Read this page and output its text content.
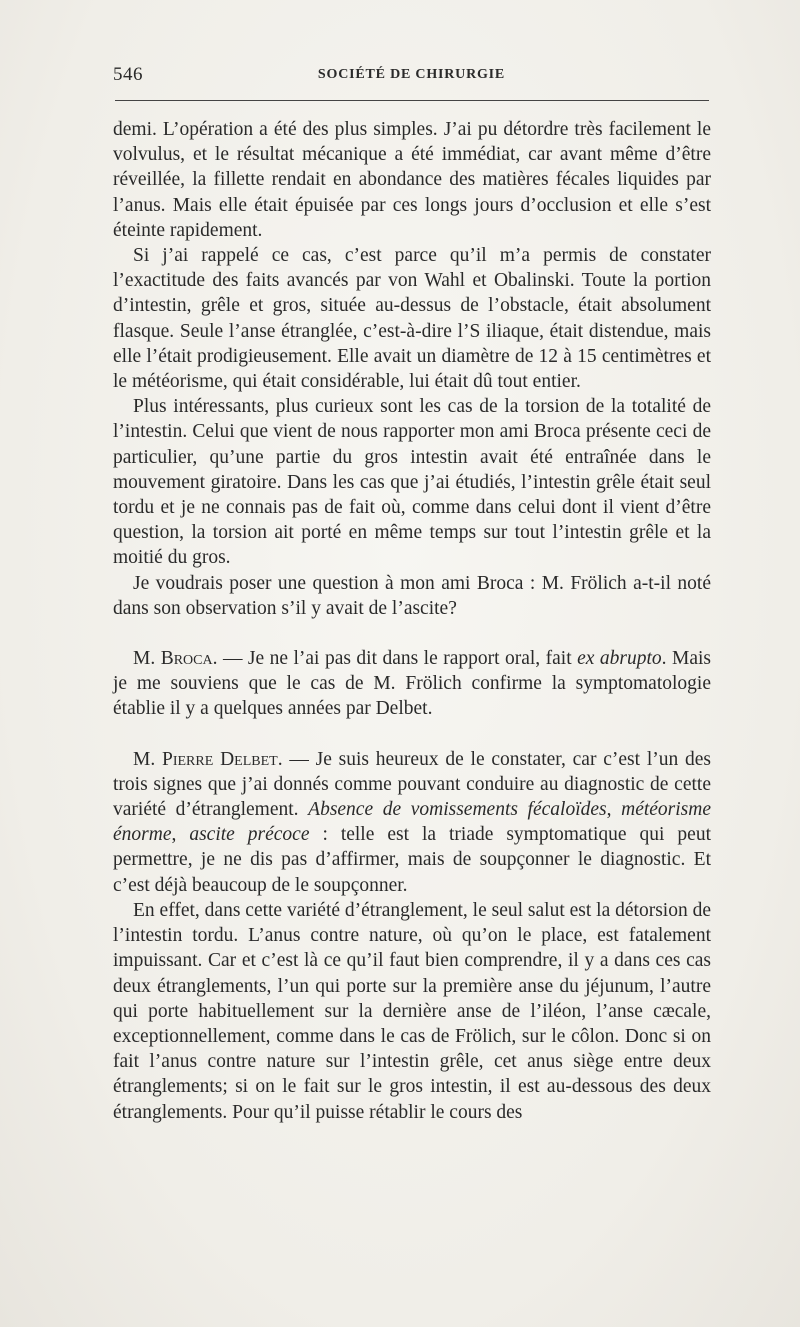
546	SOCIÉTÉ DE CHIRURGIE

demi. L’opération a été des plus simples. J’ai pu détordre très facilement le volvulus, et le résultat mécanique a été immédiat, car avant même d’être réveillée, la fillette rendait en abondance des matières fécales liquides par l’anus. Mais elle était épuisée par ces longs jours d’occlusion et elle s’est éteinte rapidement.

Si j’ai rappelé ce cas, c’est parce qu’il m’a permis de constater l’exactitude des faits avancés par von Wahl et Obalinski. Toute la portion d’intestin, grêle et gros, située au-dessus de l’obstacle, était absolument flasque. Seule l’anse étranglée, c’est-à-dire l’S iliaque, était distendue, mais elle l’était prodigieusement. Elle avait un diamètre de 12 à 15 centimètres et le météorisme, qui était considérable, lui était dû tout entier.

Plus intéressants, plus curieux sont les cas de la torsion de la totalité de l’intestin. Celui que vient de nous rapporter mon ami Broca présente ceci de particulier, qu’une partie du gros intestin avait été entraînée dans le mouvement giratoire. Dans les cas que j’ai étudiés, l’intestin grêle était seul tordu et je ne connais pas de fait où, comme dans celui dont il vient d’être question, la torsion ait porté en même temps sur tout l’intestin grêle et la moitié du gros.

Je voudrais poser une question à mon ami Broca : M. Frölich a-t-il noté dans son observation s’il y avait de l’ascite?

M. Broca. — Je ne l’ai pas dit dans le rapport oral, fait ex abrupto. Mais je me souviens que le cas de M. Frölich confirme la symptomatologie établie il y a quelques années par Delbet.

M. Pierre Delbet. — Je suis heureux de le constater, car c’est l’un des trois signes que j’ai donnés comme pouvant conduire au diagnostic de cette variété d’étranglement. Absence de vomissements fécaloïdes, météorisme énorme, ascite précoce : telle est la triade symptomatique qui peut permettre, je ne dis pas d’affirmer, mais de soupçonner le diagnostic. Et c’est déjà beaucoup de le soupçonner.

En effet, dans cette variété d’étranglement, le seul salut est la détorsion de l’intestin tordu. L’anus contre nature, où qu’on le place, est fatalement impuissant. Car et c’est là ce qu’il faut bien comprendre, il y a dans ces cas deux étranglements, l’un qui porte sur la première anse du jéjunum, l’autre qui porte habituellement sur la dernière anse de l’iléon, l’anse cæcale, exceptionnellement, comme dans le cas de Frölich, sur le côlon. Donc si on fait l’anus contre nature sur l’intestin grêle, cet anus siège entre deux étranglements; si on le fait sur le gros intestin, il est au-dessous des deux étranglements. Pour qu’il puisse rétablir le cours des
